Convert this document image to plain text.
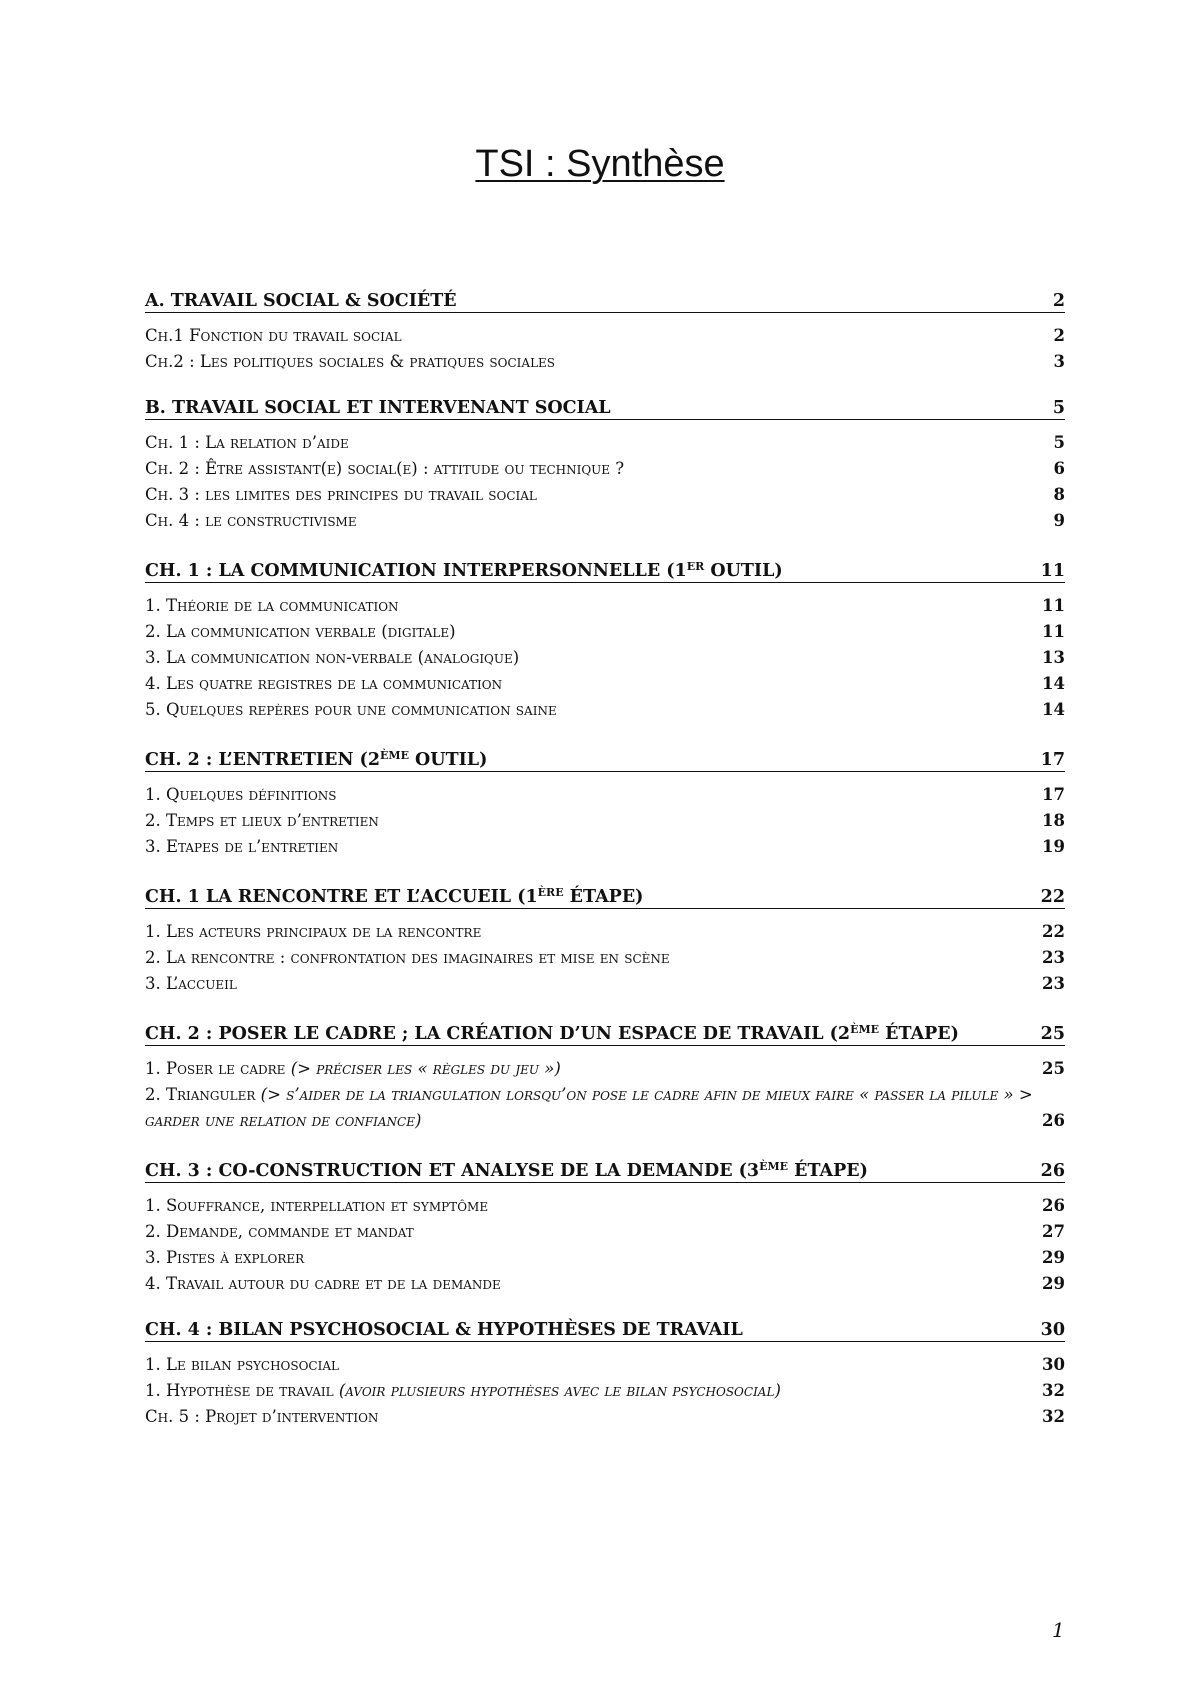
TSI : Synthèse
A. TRAVAIL SOCIAL & SOCIÉTÉ	2
Ch.1 Fonction du travail social	2
Ch.2 : Les politiques sociales & pratiques sociales	3
B. TRAVAIL SOCIAL ET INTERVENANT SOCIAL	5
Ch. 1 : La relation d’aide	5
Ch. 2 : Être assistant(e) social(e) : attitude ou technique ?	6
Ch. 3 : les limites des principes du travail social	8
Ch. 4 : le constructivisme	9
CH. 1 : LA COMMUNICATION INTERPERSONNELLE (1ER OUTIL)	11
1. Théorie de la communication	11
2. La communication verbale (digitale)	11
3. La communication non-verbale (analogique)	13
4. Les quatre registres de la communication	14
5. Quelques repères pour une communication saine	14
CH. 2 : L’ENTRETIEN (2ÈME OUTIL)	17
1. Quelques définitions	17
2. Temps et lieux d’entretien	18
3. Etapes de l’entretien	19
CH. 1 LA RENCONTRE ET L’ACCUEIL (1ÈRE ÉTAPE)	22
1. Les acteurs principaux de la rencontre	22
2. La rencontre : confrontation des imaginaires et mise en scène	23
3. L’accueil	23
CH. 2 : POSER LE CADRE ; LA CRÉATION D’UN ESPACE DE TRAVAIL (2ÈME ÉTAPE)	25
1. Poser le cadre (> préciser les « règles du jeu »)	25
2. Trianguler (> s’aider de la triangulation lorsqu’on pose le cadre afin de mieux faire « passer la pilule » > garder une relation de confiance)	26
CH. 3 : CO-CONSTRUCTION ET ANALYSE DE LA DEMANDE (3ÈME ÉTAPE)	26
1. Souffrance, interpellation et symptôme	26
2. Demande, commande et mandat	27
3. Pistes à explorer	29
4. Travail autour du cadre et de la demande	29
CH. 4 : BILAN PSYCHOSOCIAL & HYPOTHÈSES DE TRAVAIL	30
1. Le bilan psychosocial	30
1. Hypothèse de travail (avoir plusieurs hypothèses avec le bilan psychosocial)	32
Ch. 5 : Projet d’intervention	32
1
